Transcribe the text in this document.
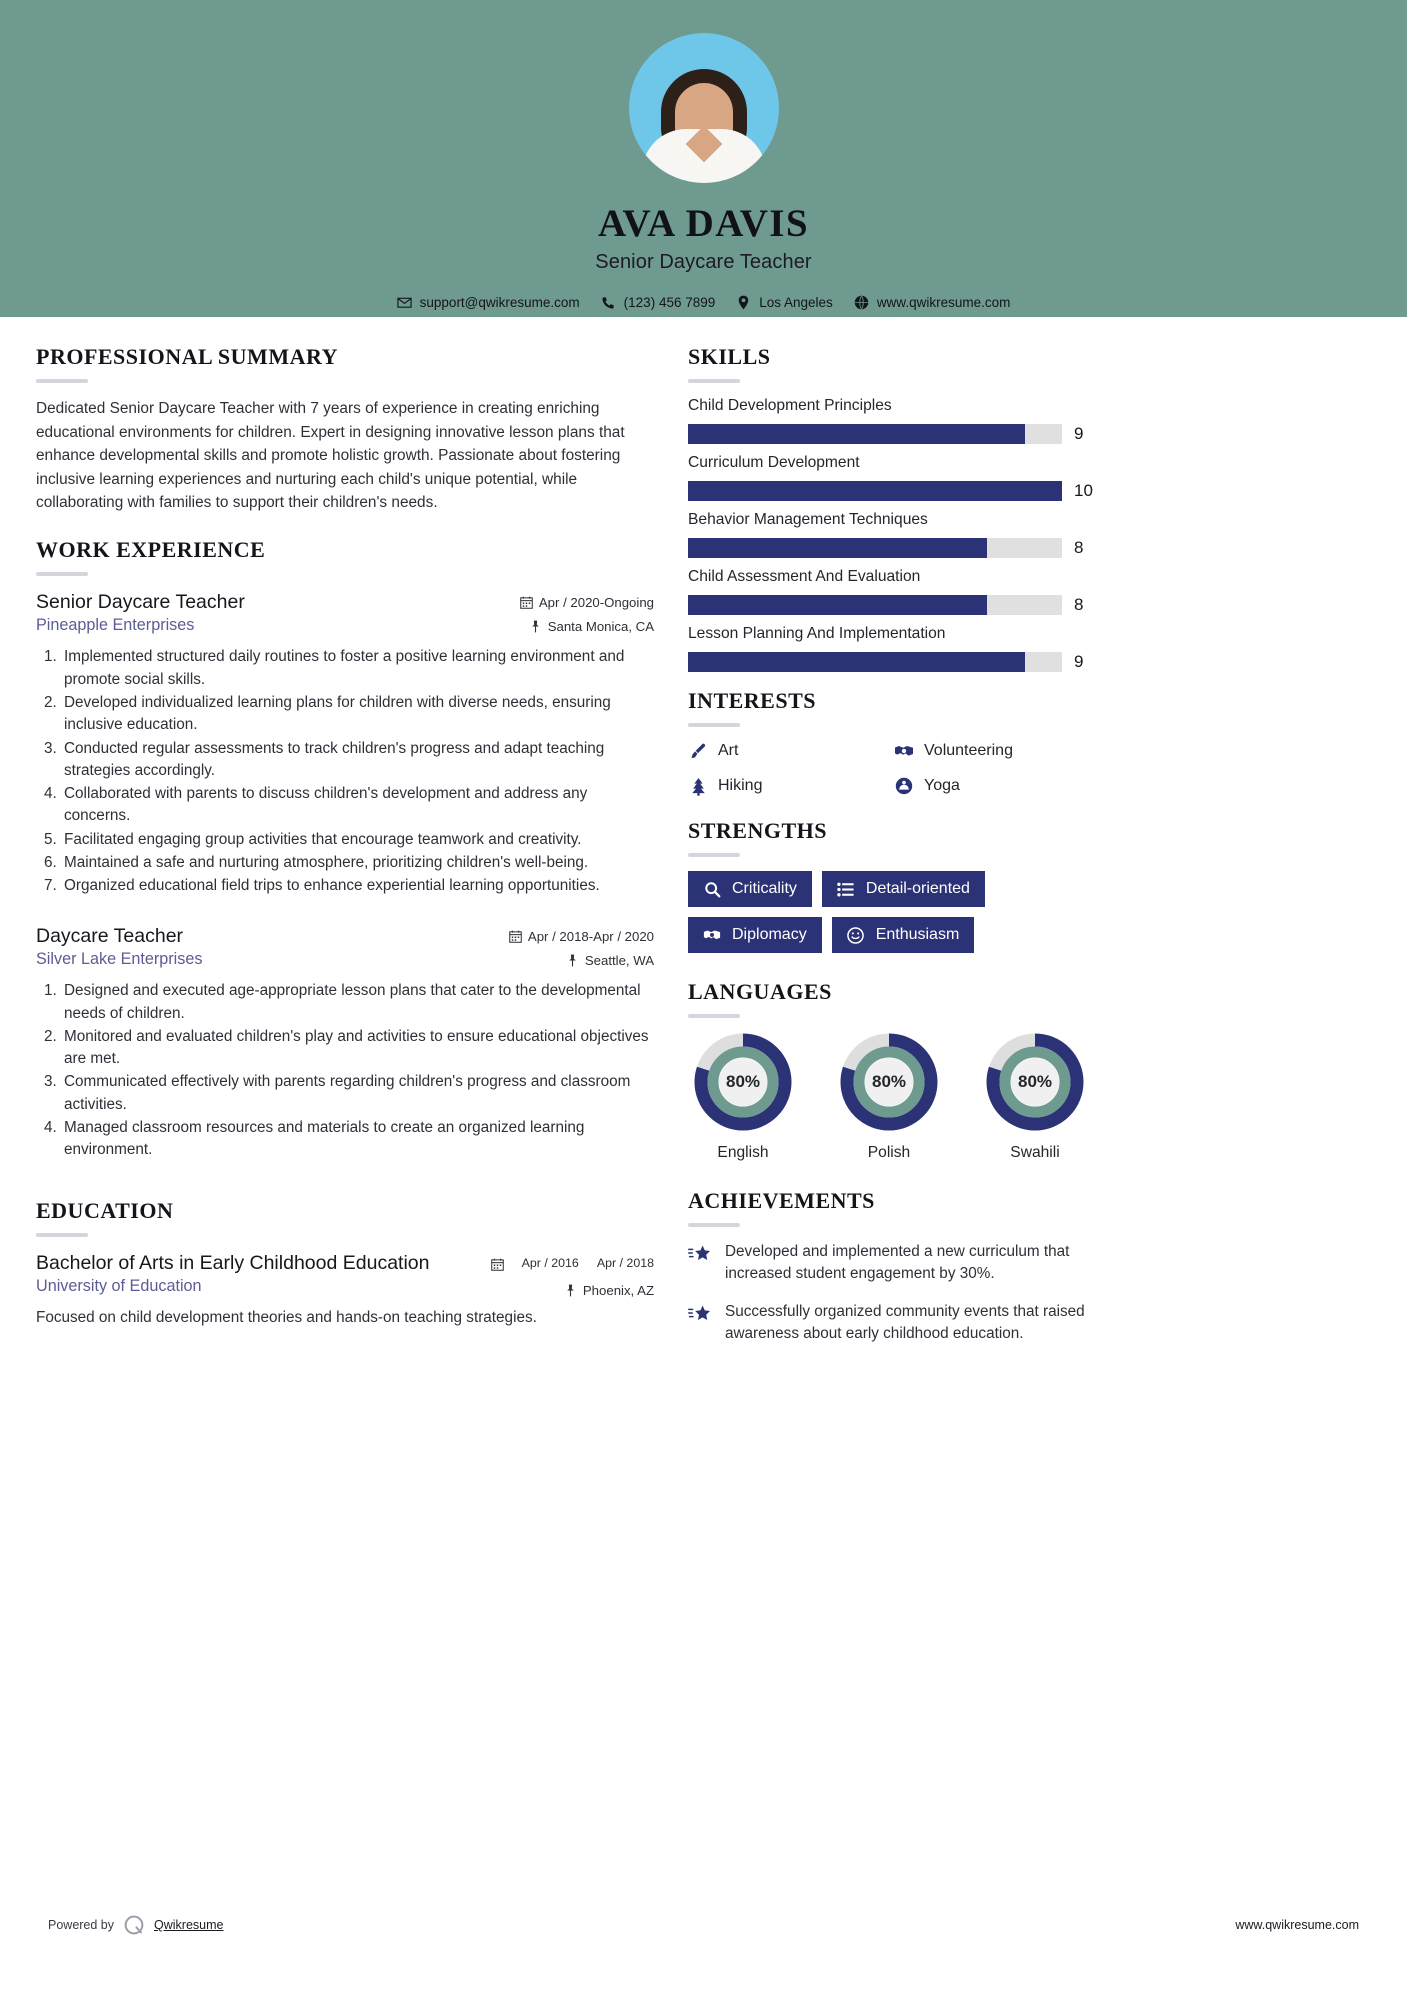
AVA DAVIS
Senior Daycare Teacher
support@qwikresume.com	(123) 456 7899	Los Angeles	www.qwikresume.com
PROFESSIONAL SUMMARY
Dedicated Senior Daycare Teacher with 7 years of experience in creating enriching educational environments for children. Expert in designing innovative lesson plans that enhance developmental skills and promote holistic growth. Passionate about fostering inclusive learning experiences and nurturing each child's unique potential, while collaborating with families to support their children's needs.
WORK EXPERIENCE
Senior Daycare Teacher
Pineapple Enterprises
Apr / 2020-Ongoing
Santa Monica, CA
1. Implemented structured daily routines to foster a positive learning environment and promote social skills.
2. Developed individualized learning plans for children with diverse needs, ensuring inclusive education.
3. Conducted regular assessments to track children's progress and adapt teaching strategies accordingly.
4. Collaborated with parents to discuss children's development and address any concerns.
5. Facilitated engaging group activities that encourage teamwork and creativity.
6. Maintained a safe and nurturing atmosphere, prioritizing children's well-being.
7. Organized educational field trips to enhance experiential learning opportunities.
Daycare Teacher
Silver Lake Enterprises
Apr / 2018-Apr / 2020
Seattle, WA
1. Designed and executed age-appropriate lesson plans that cater to the developmental needs of children.
2. Monitored and evaluated children's play and activities to ensure educational objectives are met.
3. Communicated effectively with parents regarding children's progress and classroom activities.
4. Managed classroom resources and materials to create an organized learning environment.
EDUCATION
Bachelor of Arts in Early Childhood Education
University of Education
Apr / 2016 Apr / 2018
Phoenix, AZ
Focused on child development theories and hands-on teaching strategies.
SKILLS
Child Development Principles
9
Curriculum Development
10
Behavior Management Techniques
8
Child Assessment And Evaluation
8
Lesson Planning And Implementation
9
INTERESTS
Art	Volunteering
Hiking	Yoga
STRENGTHS
Criticality	Detail-oriented
Diplomacy	Enthusiasm
LANGUAGES
80%
English
80%
Polish
80%
Swahili
ACHIEVEMENTS
Developed and implemented a new curriculum that increased student engagement by 30%.
Successfully organized community events that raised awareness about early childhood education.
Powered by	Qwikresume	www.qwikresume.com
